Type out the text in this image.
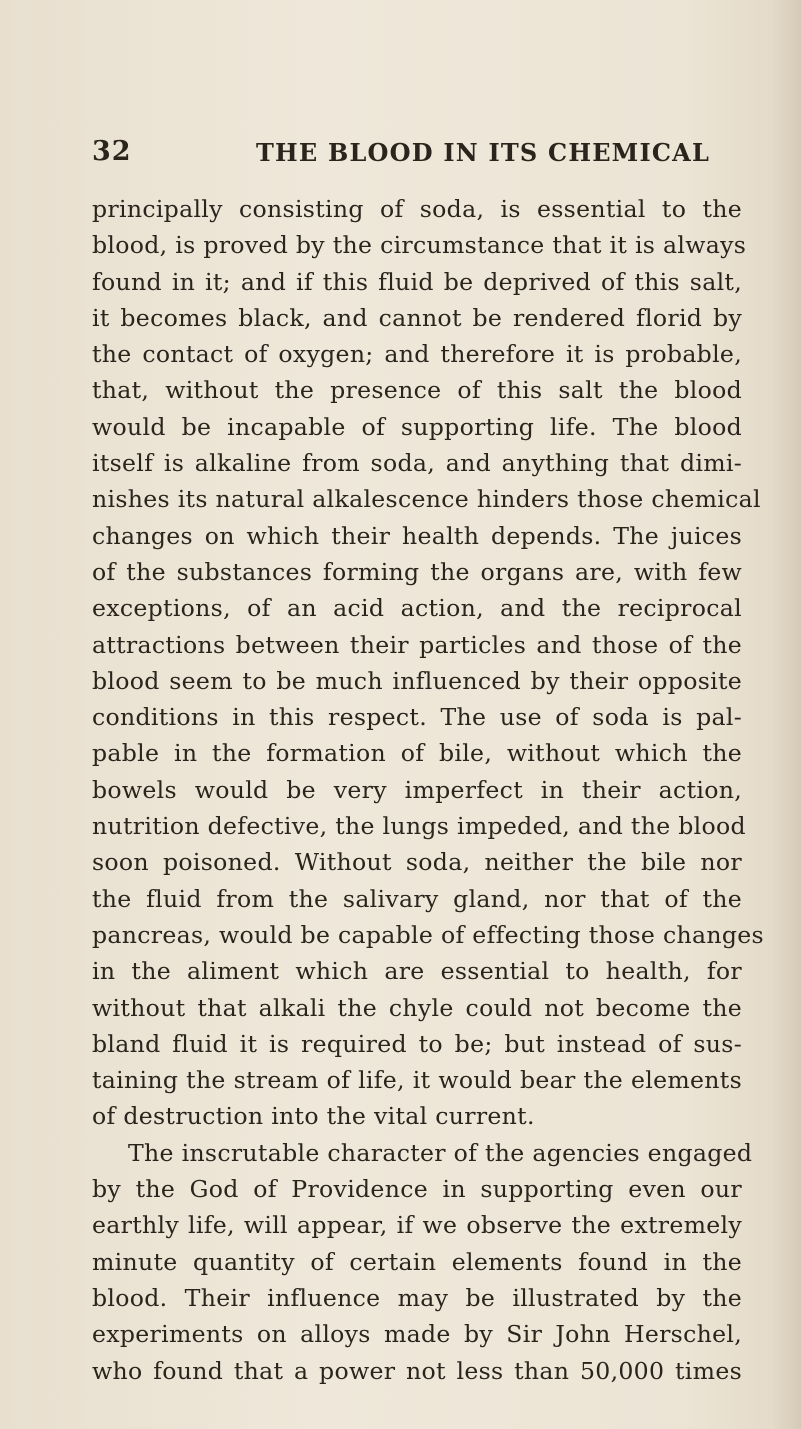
32	THE BLOOD IN ITS CHEMICAL
principally consisting of soda, is essential to the
blood, is proved by the circumstance that it is always
found in it; and if this fluid be deprived of this salt,
it becomes black, and cannot be rendered florid by
the contact of oxygen; and therefore it is probable,
that, without the presence of this salt the blood
would be incapable of supporting life. The blood
itself is alkaline from soda, and anything that dimi-
nishes its natural alkalescence hinders those chemical
changes on which their health depends. The juices
of the substances forming the organs are, with few
exceptions, of an acid action, and the reciprocal
attractions between their particles and those of the
blood seem to be much influenced by their opposite
conditions in this respect. The use of soda is pal-
pable in the formation of bile, without which the
bowels would be very imperfect in their action,
nutrition defective, the lungs impeded, and the blood
soon poisoned. Without soda, neither the bile nor
the fluid from the salivary gland, nor that of the
pancreas, would be capable of effecting those changes
in the aliment which are essential to health, for
without that alkali the chyle could not become the
bland fluid it is required to be; but instead of sus-
taining the stream of life, it would bear the elements
of destruction into the vital current.
The inscrutable character of the agencies engaged
by the God of Providence in supporting even our
earthly life, will appear, if we observe the extremely
minute quantity of certain elements found in the
blood. Their influence may be illustrated by the
experiments on alloys made by Sir John Herschel,
who found that a power not less than 50,000 times
